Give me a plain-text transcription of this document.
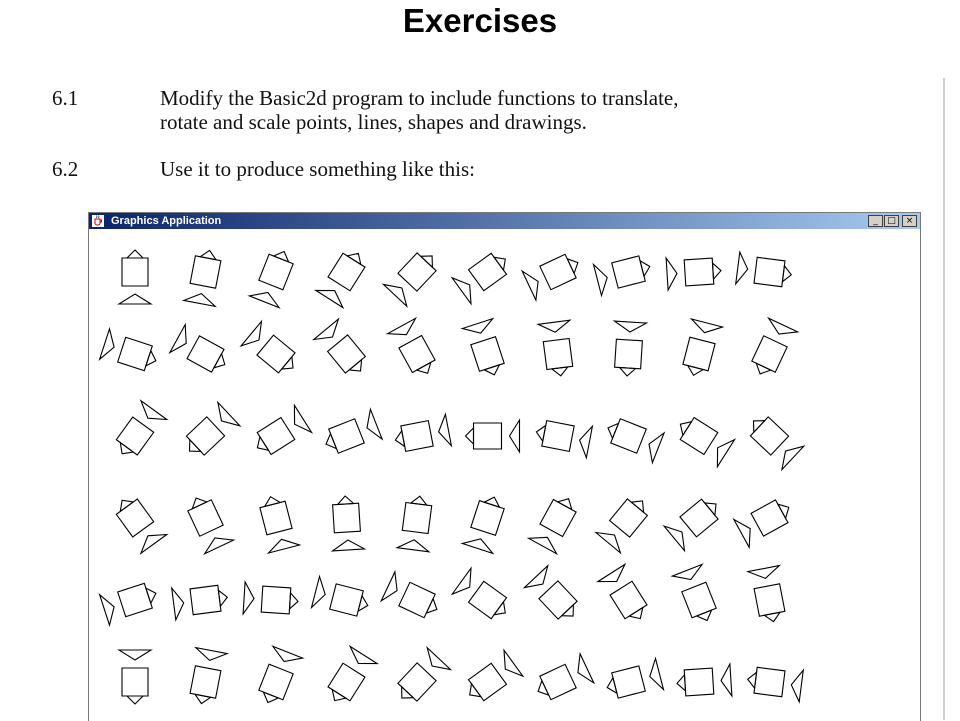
Exercises
6.1	Modify the Basic2d program to include functions to translate,
rotate and scale points, lines, shapes and drawings.
6.2	Use it to produce something like this:
Graphics Application	_	□	×
